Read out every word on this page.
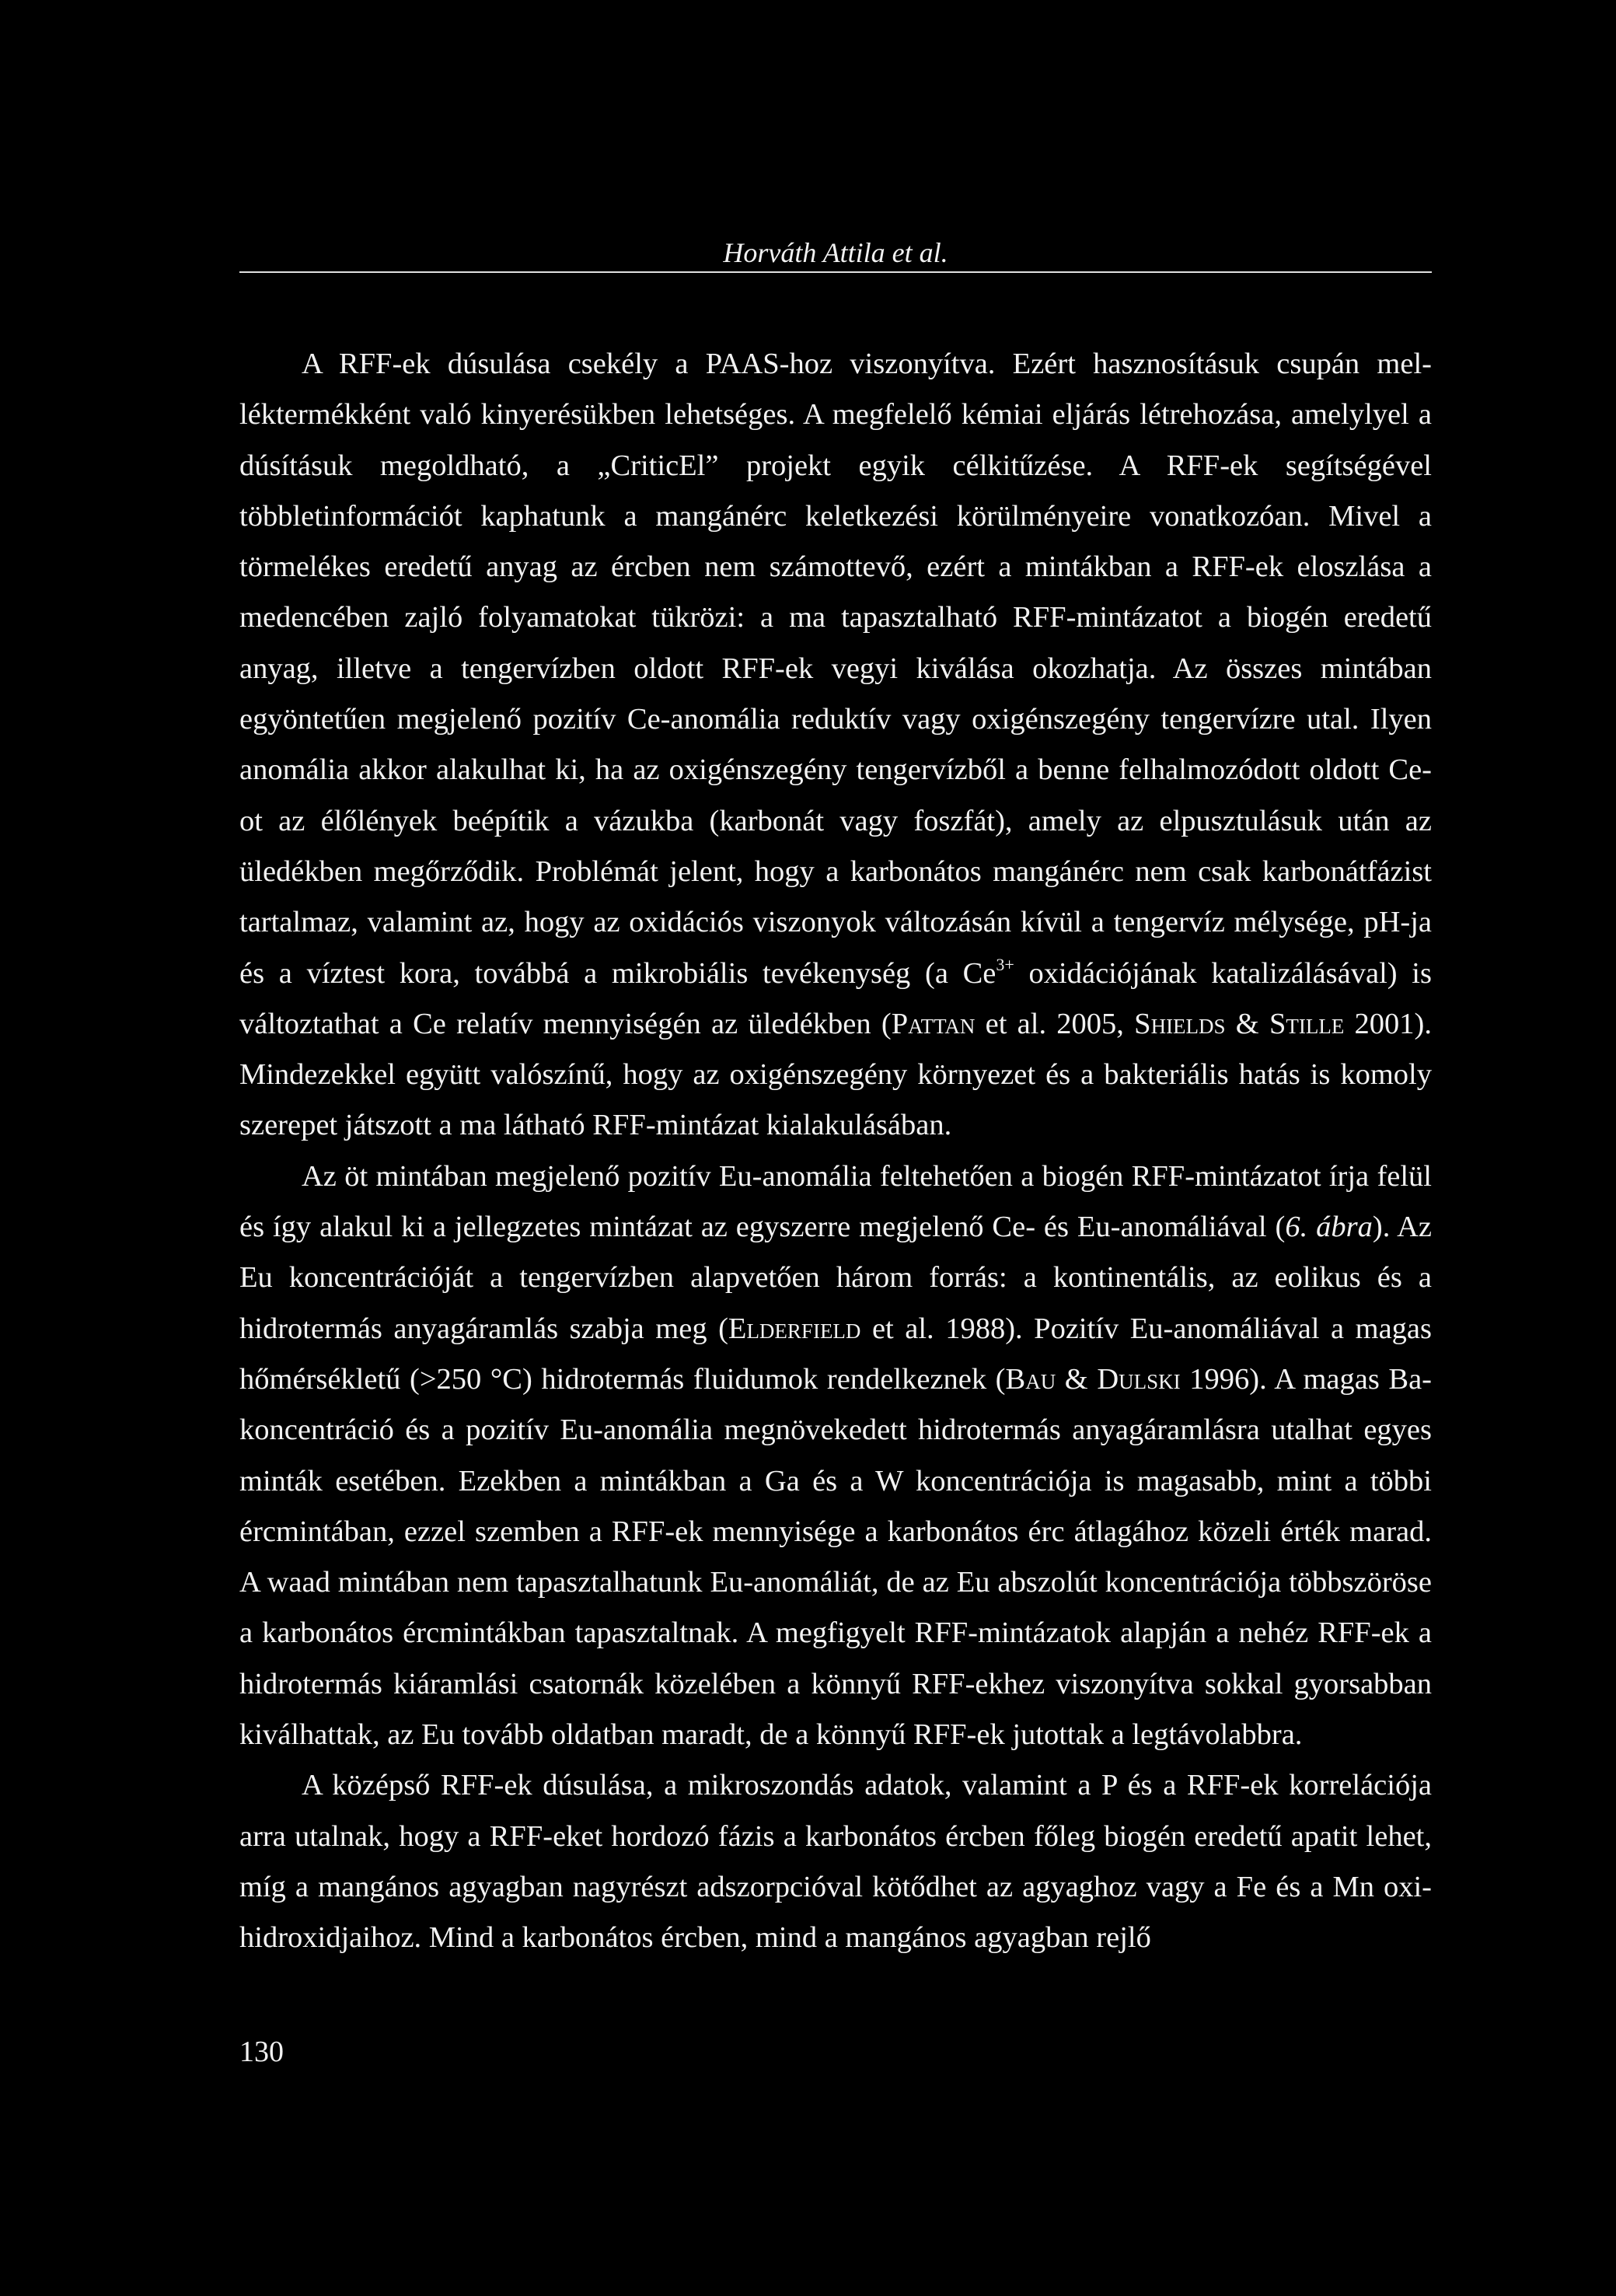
Horváth Attila et al.

A RFF-ek dúsulása csekély a PAAS-hoz viszonyítva. Ezért hasznosításuk csupán melléktermékként való kinyerésükben lehetséges. A megfelelő kémiai eljárás létrehozása, amelylyel a dúsításuk megoldható, a „CriticEl” projekt egyik célkitűzése. A RFF-ek segítségével többletinformációt kaphatunk a mangánérc keletkezési körülményeire vonatkozóan. Mivel a törmelékes eredetű anyag az ércben nem számottevő, ezért a mintákban a RFF-ek eloszlása a medencében zajló folyamatokat tükrözi: a ma tapasztalható RFF-mintázatot a biogén eredetű anyag, illetve a tengervízben oldott RFF-ek vegyi kiválása okozhatja. Az összes mintában egyöntetűen megjelenő pozitív Ce-anomália reduktív vagy oxigénszegény tengervízre utal. Ilyen anomália akkor alakulhat ki, ha az oxigénszegény tengervízből a benne felhalmozódott oldott Ce-ot az élőlények beépítik a vázukba (karbonát vagy foszfát), amely az elpusztulásuk után az üledékben megőrződik. Problémát jelent, hogy a karbonátos mangánérc nem csak karbonátfázist tartalmaz, valamint az, hogy az oxidációs viszonyok változásán kívül a tengervíz mélysége, pH-ja és a víztest kora, továbbá a mikrobiális tevékenység (a $Ce^{3+}$ oxidációjának katalizálásával) is változtathat a Ce relatív mennyiségén az üledékben (Pattan et al. 2005, Shields & Stille 2001). Mindezekkel együtt valószínű, hogy az oxigénszegény környezet és a bakteriális hatás is komoly szerepet játszott a ma látható RFF-mintázat kialakulásában.

Az öt mintában megjelenő pozitív Eu-anomália feltehetően a biogén RFF-mintázatot írja felül és így alakul ki a jellegzetes mintázat az egyszerre megjelenő Ce- és Eu-anomáliával (6. ábra). Az Eu koncentrációját a tengervízben alapvetően három forrás: a kontinentális, az eolikus és a hidrotermás anyagáramlás szabja meg (Elderfield et al. 1988). Pozitív Eu-anomáliával a magas hőmérsékletű (>250 °C) hidrotermás fluidumok rendelkeznek (Bau & Dulski 1996). A magas Ba-koncentráció és a pozitív Eu-anomália megnövekedett hidrotermás anyagáramlásra utalhat egyes minták esetében. Ezekben a mintákban a Ga és a W koncentrációja is magasabb, mint a többi ércmintában, ezzel szemben a RFF-ek mennyisége a karbonátos érc átlagához közeli érték marad. A waad mintában nem tapasztalhatunk Eu-anomáliát, de az Eu abszolút koncentrációja többszöröse a karbonátos ércmintákban tapasztaltnak. A megfigyelt RFF-mintázatok alapján a nehéz RFF-ek a hidrotermás kiáramlási csatornák közelében a könnyű RFF-ekhez viszonyítva sokkal gyorsabban kiválhattak, az Eu tovább oldatban maradt, de a könnyű RFF-ek jutottak a legtávolabbra.

A középső RFF-ek dúsulása, a mikroszondás adatok, valamint a P és a RFF-ek korrelációja arra utalnak, hogy a RFF-eket hordozó fázis a karbonátos ércben főleg biogén eredetű apatit lehet, míg a mangános agyagban nagyrészt adszorpcióval kötődhet az agyaghoz vagy a Fe és a Mn oxi-hidroxidjaihoz. Mind a karbonátos ércben, mind a mangános agyagban rejlő

130
